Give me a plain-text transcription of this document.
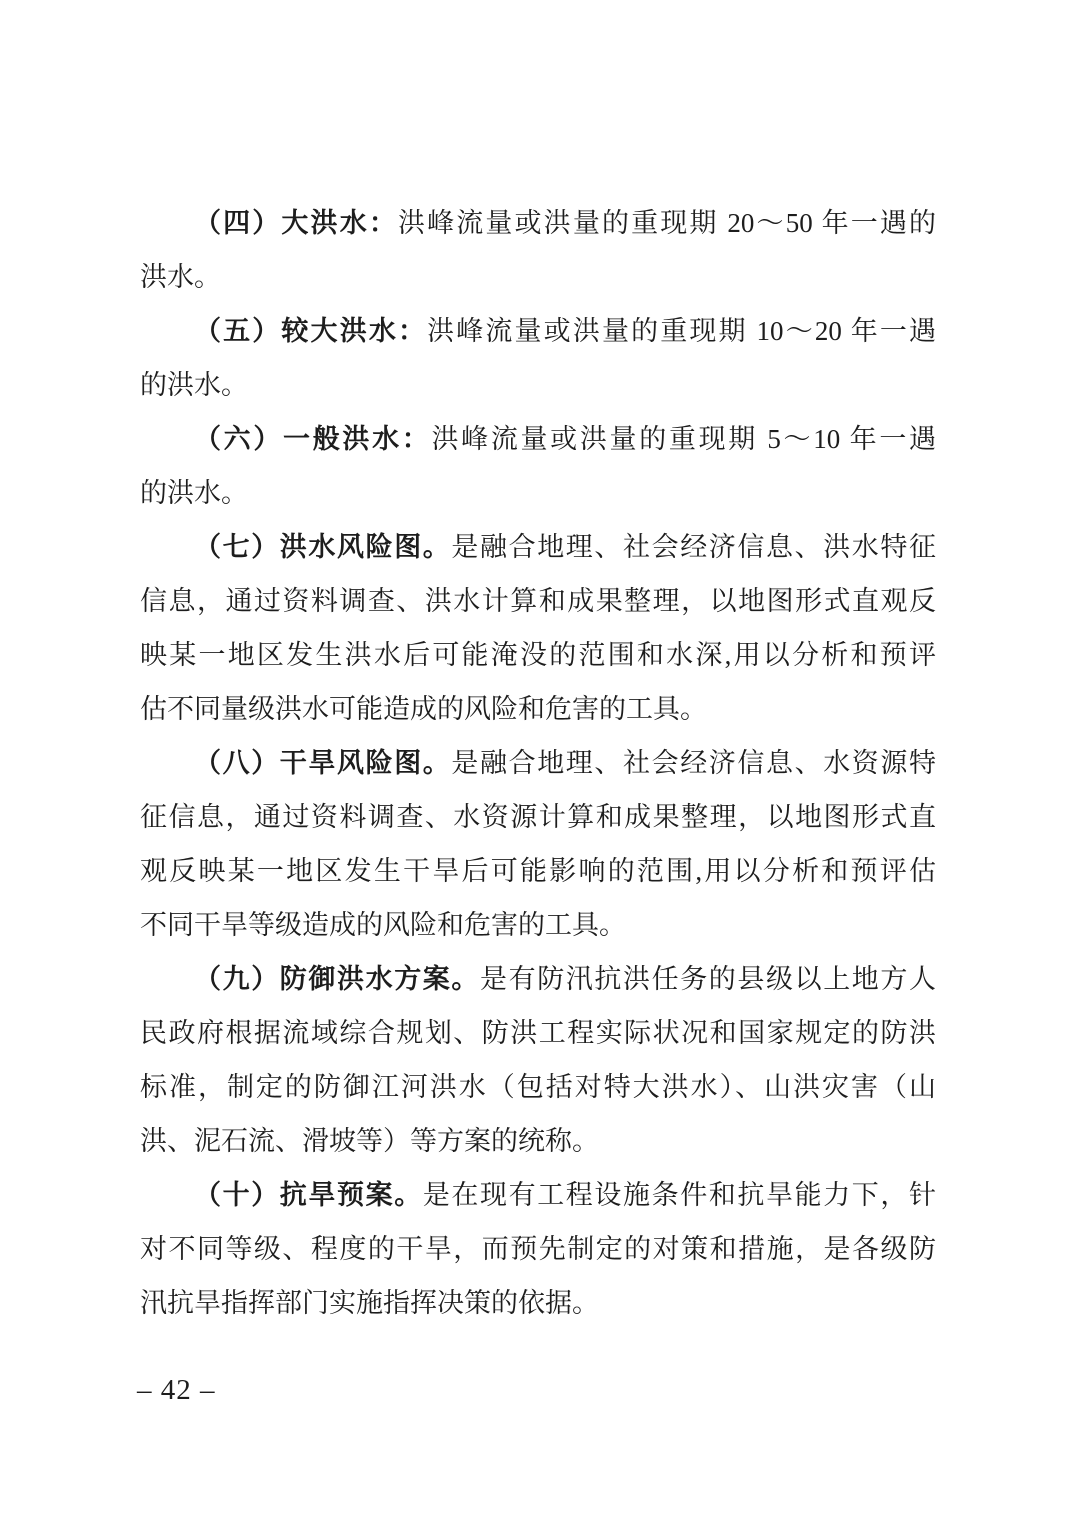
（四）大洪水：洪峰流量或洪量的重现期 20～50 年一遇的
洪水。
（五）较大洪水：洪峰流量或洪量的重现期 10～20 年一遇
的洪水。
（六）一般洪水：洪峰流量或洪量的重现期 5～10 年一遇
的洪水。
（七）洪水风险图。是融合地理、社会经济信息、洪水特征
信息，通过资料调查、洪水计算和成果整理，以地图形式直观反
映某一地区发生洪水后可能淹没的范围和水深,用以分析和预评
估不同量级洪水可能造成的风险和危害的工具。
（八）干旱风险图。是融合地理、社会经济信息、水资源特
征信息，通过资料调查、水资源计算和成果整理，以地图形式直
观反映某一地区发生干旱后可能影响的范围,用以分析和预评估
不同干旱等级造成的风险和危害的工具。
（九）防御洪水方案。是有防汛抗洪任务的县级以上地方人
民政府根据流域综合规划、防洪工程实际状况和国家规定的防洪
标准，制定的防御江河洪水（包括对特大洪水）、山洪灾害（山
洪、泥石流、滑坡等）等方案的统称。
（十）抗旱预案。是在现有工程设施条件和抗旱能力下，针
对不同等级、程度的干旱，而预先制定的对策和措施，是各级防
汛抗旱指挥部门实施指挥决策的依据。
– 42 –
